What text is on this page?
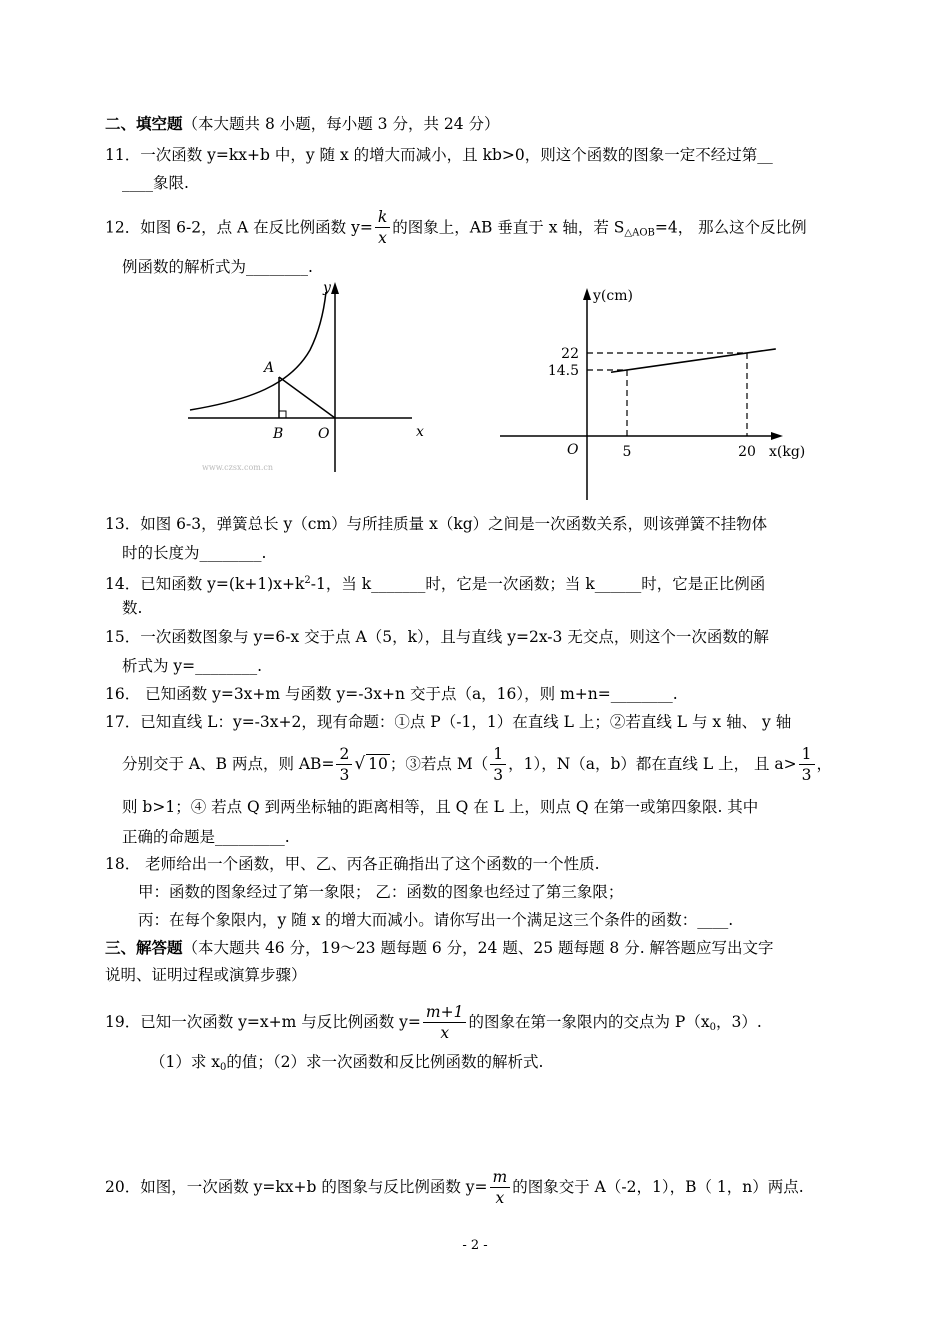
二、填空题（本大题共 8 小题，每小题 3 分，共 24 分）
11．一次函数 y=kx+b 中，y 随 x 的增大而减小，且 kb>0，则这个函数的图象一定不经过第__
____象限.
12．如图 6-2，点 A 在反比例函数 $y= \frac{k}{x}$ 的图象上，AB 垂直于 x 轴，若 $S_{\triangle AOB}=4$， 那么这个反比例
例函数的解析式为________.
y
x
A
B O
www.czsx.com.cn
y(cm)
x(kg)
O
14.5
5
22
20
13．如图 6-3，弹簧总长 y（cm）与所挂质量 x（kg）之间是一次函数关系，则该弹簧不挂物体
时的长度为________.
14．已知函数 $y=(k+1)x+k^2-1$，当 k_______时，它是一次函数；当 k______时，它是正比例函
数.
15．一次函数图象与 y=6-x 交于点 A（5，k），且与直线 y=2x-3 无交点，则这个一次函数的解
析式为 y=________.
16． 已知函数 y=3x+m 与函数 y=-3x+n 交于点（a，16），则 m+n=________.
17．已知直线 L：y=-3x+2，现有命题：①点 P（-1，1）在直线 L 上；②若直线 L 与 x 轴、 y 轴
分别交于 A、B 两点，则 $AB= \frac{2}{3}$ √ 10 ；③若点 $M( \frac{1}{3}$ ，1），N（a，b）都在直线 L 上， 且 $a> \frac{1}{3}$ ，
则 b>1；④ 若点 Q 到两坐标轴的距离相等，且 Q 在 L 上，则点 Q 在第一或第四象限. 其中
正确的命题是_________.
18． 老师给出一个函数，甲、乙、丙各正确指出了这个函数的一个性质.
甲：函数的图象经过了第一象限； 乙：函数的图象也经过了第三象限；
丙：在每个象限内，y 随 x 的增大而减小。请你写出一个满足这三个条件的函数：____.
三、解答题（本大题共 46 分，19～23 题每题 6 分，24 题、25 题每题 8 分. 解答题应写出文字
说明、证明过程或演算步骤）
19．已知一次函数 y=x+m 与反比例函数 $y= \frac{m+1}{x}$ 的图象在第一象限内的交点为 $P(x_0$，3）.
（1）求 $x_0$的值；（2）求一次函数和反比例函数的解析式.
20．如图，一次函数 y=kx+b 的图象与反比例函数 $y= \frac{m}{x}$ 的图象交于 A（-2，1），B（ 1，n）两点.
- 2 -
